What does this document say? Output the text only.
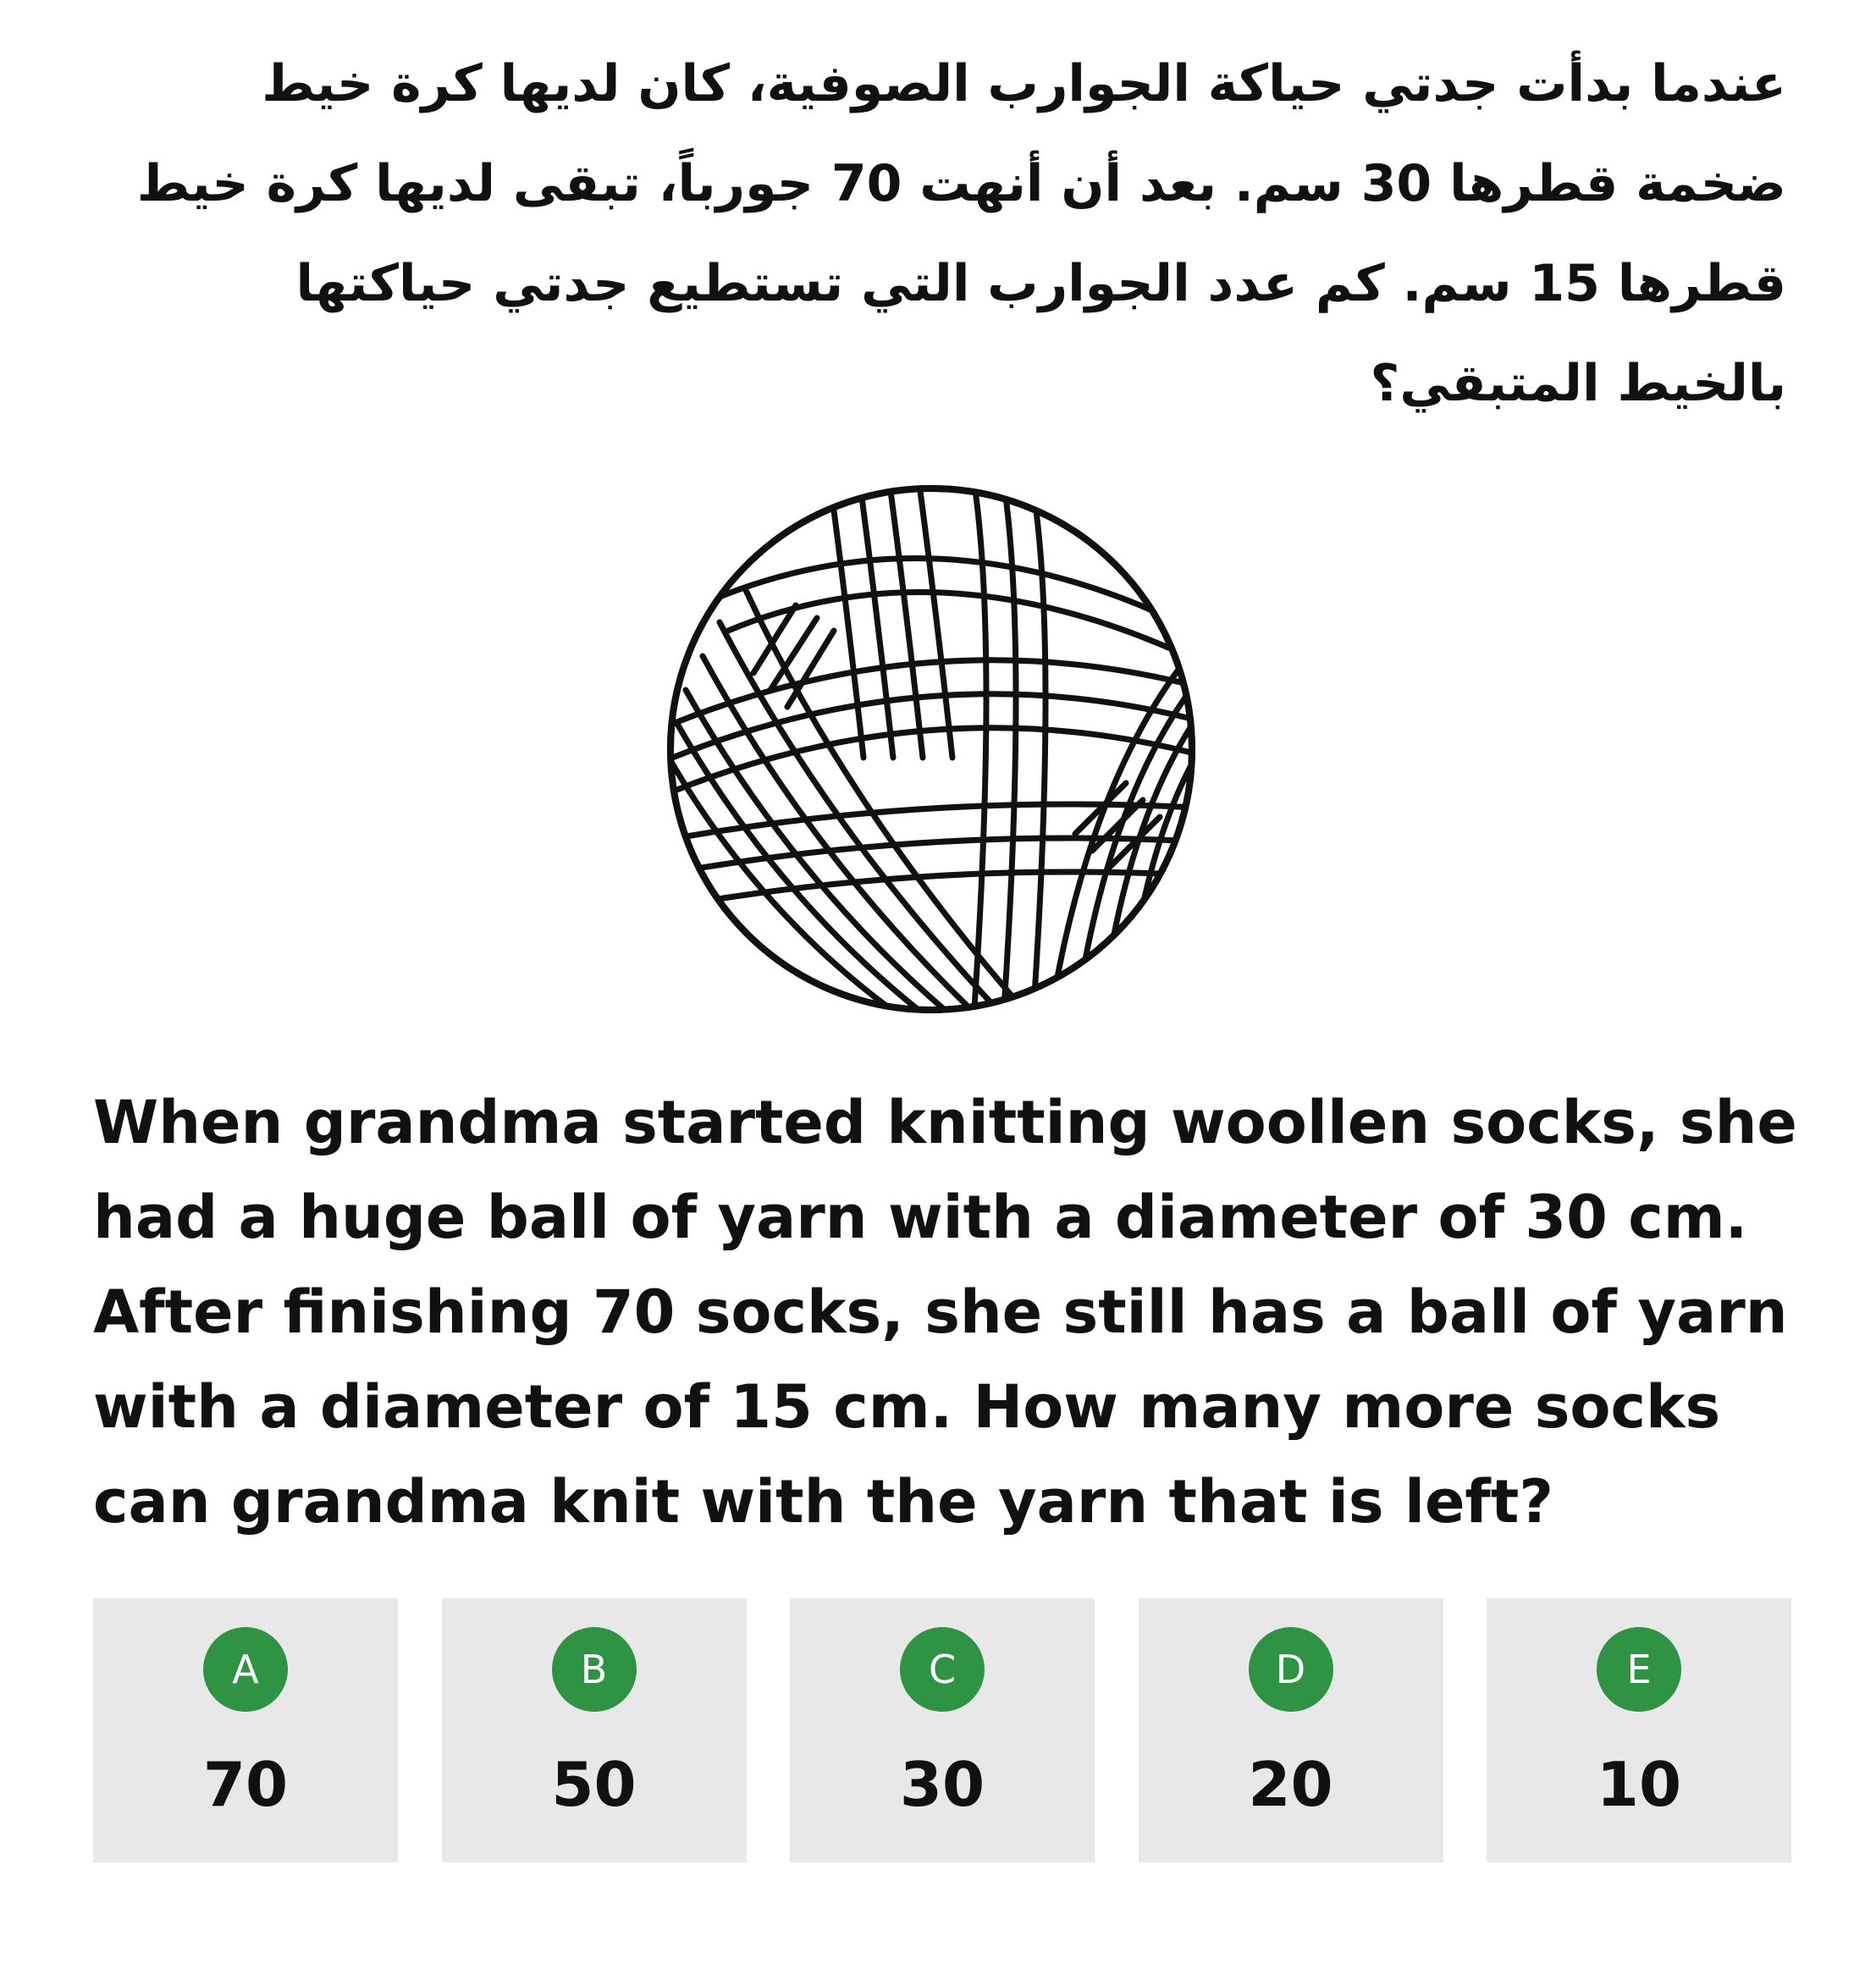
عندما بدأت جدتي حياكة الجوارب الصوفية، كان لديها كرة خيط ضخمة قطرها 30 سم. بعد أن أنهت 70 جورباً، تبقى لديها كرة خيط قطرها 15 سم. كم عدد الجوارب التي تستطيع جدتي حياكتها بالخيط المتبقي؟

When grandma started knitting woollen socks, she had a huge ball of yarn with a diameter of 30 cm. After finishing 70 socks, she still has a ball of yarn with a diameter of 15 cm. How many more socks can grandma knit with the yarn that is left?

A
70
B
50
C
30
D
20
E
10
